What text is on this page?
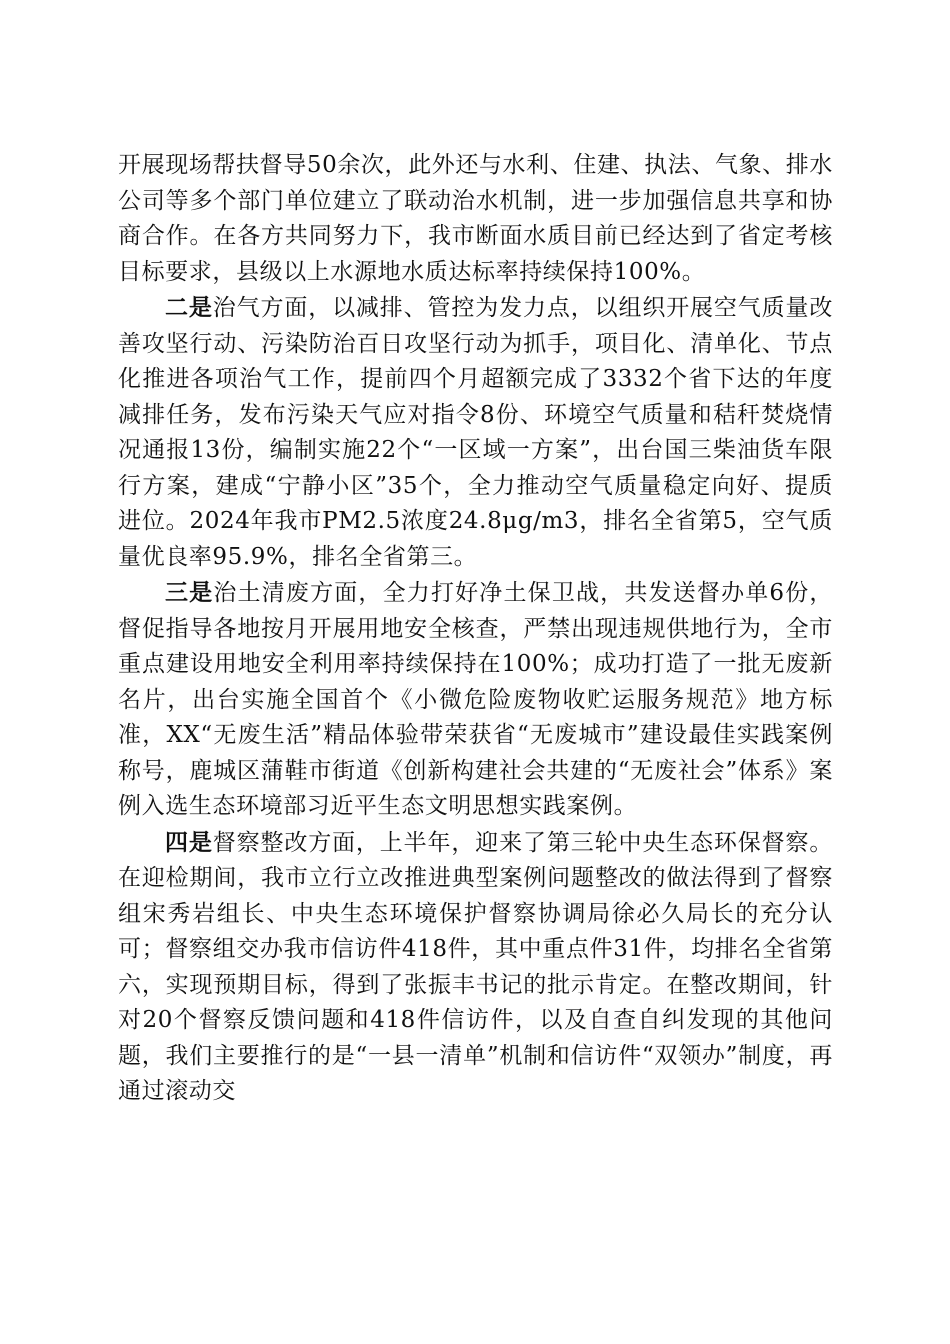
开展现场帮扶督导50余次，此外还与水利、住建、执法、气象、排水公司等多个部门单位建立了联动治水机制，进一步加强信息共享和协商合作。在各方共同努力下，我市断面水质目前已经达到了省定考核目标要求，县级以上水源地水质达标率持续保持100%。

二是治气方面，以减排、管控为发力点，以组织开展空气质量改善攻坚行动、污染防治百日攻坚行动为抓手，项目化、清单化、节点化推进各项治气工作，提前四个月超额完成了3332个省下达的年度减排任务，发布污染天气应对指令8份、环境空气质量和秸秆焚烧情况通报13份，编制实施22个“一区域一方案”，出台国三柴油货车限行方案，建成“宁静小区”35个，全力推动空气质量稳定向好、提质进位。2024年我市PM2.5浓度24.8μg/m3，排名全省第5，空气质量优良率95.9%，排名全省第三。

三是治土清废方面，全力打好净土保卫战，共发送督办单6份，督促指导各地按月开展用地安全核查，严禁出现违规供地行为，全市重点建设用地安全利用率持续保持在100%；成功打造了一批无废新名片，出台实施全国首个《小微危险废物收贮运服务规范》地方标准，XX“无废生活”精品体验带荣获省“无废城市”建设最佳实践案例称号，鹿城区蒲鞋市街道《创新构建社会共建的“无废社会”体系》案例入选生态环境部习近平生态文明思想实践案例。

四是督察整改方面，上半年，迎来了第三轮中央生态环保督察。在迎检期间，我市立行立改推进典型案例问题整改的做法得到了督察组宋秀岩组长、中央生态环境保护督察协调局徐必久局长的充分认可；督察组交办我市信访件418件，其中重点件31件，均排名全省第六，实现预期目标，得到了张振丰书记的批示肯定。在整改期间，针对20个督察反馈问题和418件信访件，以及自查自纠发现的其他问题，我们主要推行的是“一县一清单”机制和信访件“双领办”制度，再通过滚动交
